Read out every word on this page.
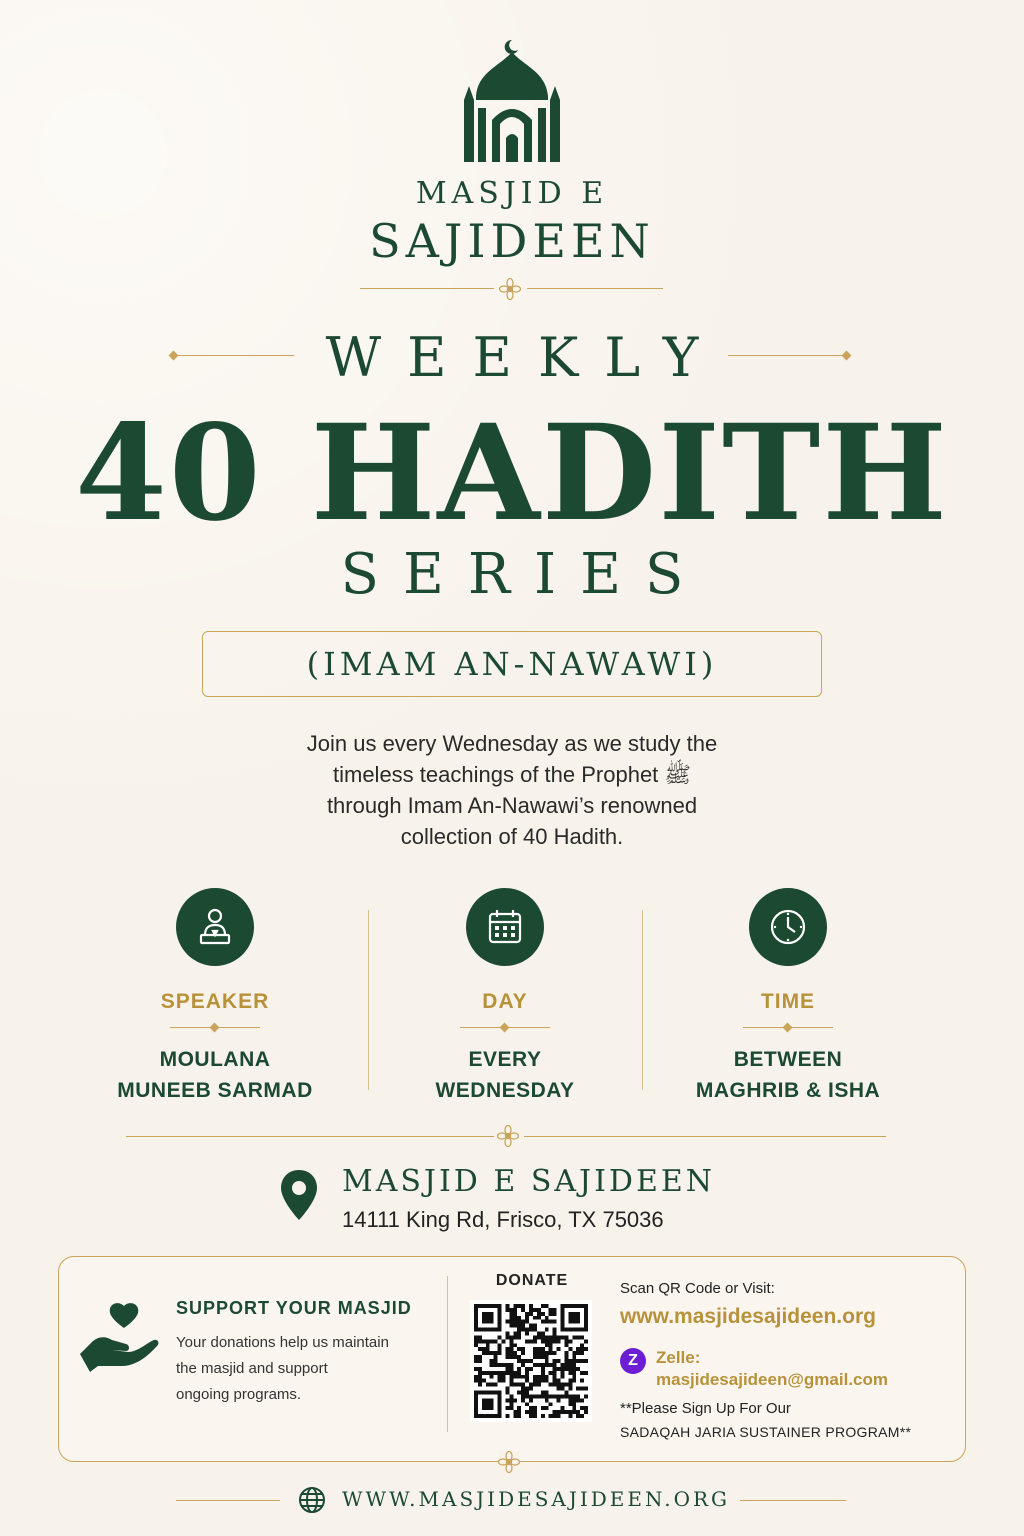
MASJID E
SAJIDEEN
WEEKLY
40 HADITH
SERIES
(IMAM AN-NAWAWI)
Join us every Wednesday as we study the
timeless teachings of the Prophet ﷺ
through Imam An-Nawawi’s renowned
collection of 40 Hadith.
SPEAKER
MOULANA
MUNEEB SARMAD
DAY
EVERY
WEDNESDAY
TIME
BETWEEN
MAGHRIB & ISHA
MASJID E SAJIDEEN
14111 King Rd, Frisco, TX 75036
SUPPORT YOUR MASJID
Your donations help us maintain
the masjid and support
ongoing programs.
DONATE	Scan QR Code or Visit:
www.masjidesajideen.org
Z	Zelle:
masjidesajideen@gmail.com
**Please Sign Up For Our
SADAQAH JARIA SUSTAINER PROGRAM**
WWW.MASJIDESAJIDEEN.ORG
